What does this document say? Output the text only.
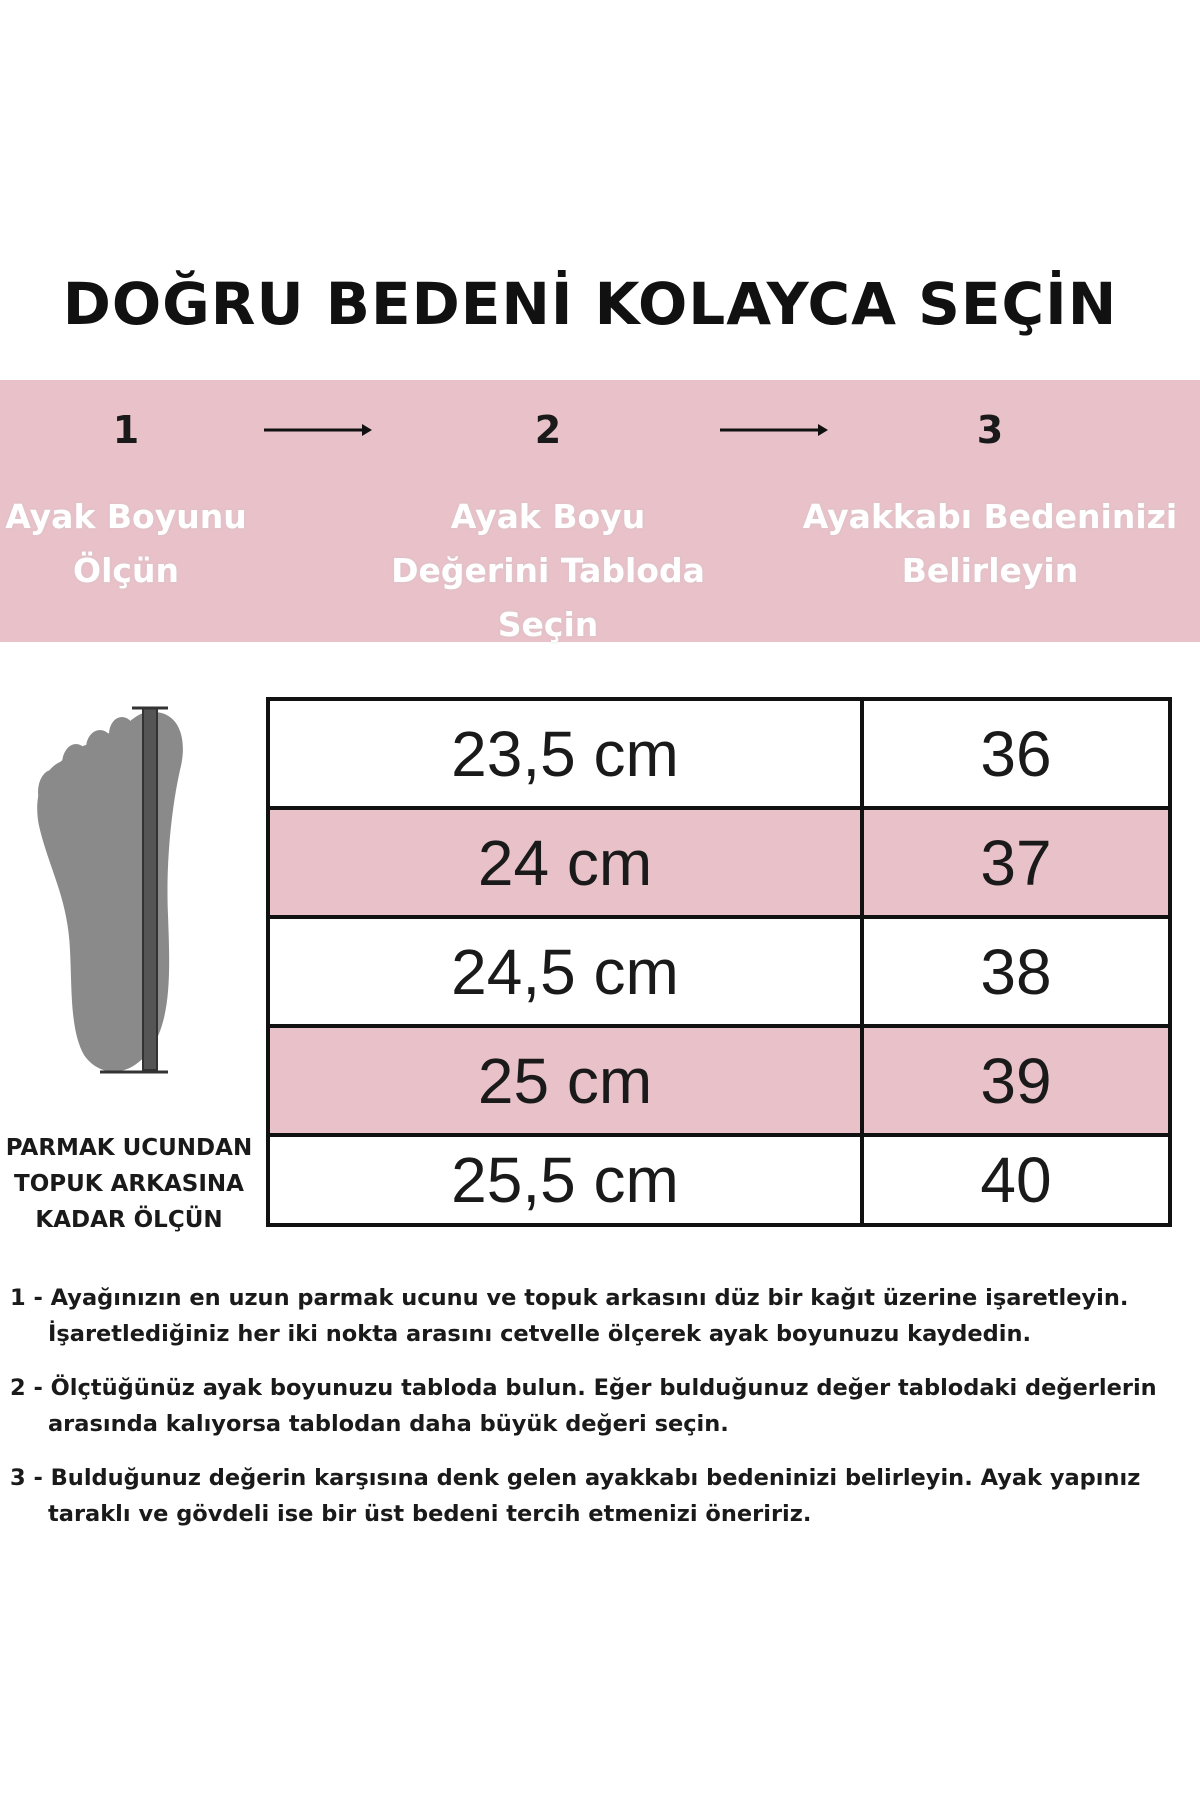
DOĞRU BEDENİ KOLAYCA SEÇİN
1
Ayak Boyunu
Ölçün
2
Ayak Boyu
Değerini Tabloda Seçin
3
Ayakkabı Bedeninizi
Belirleyin
PARMAK UCUNDAN
TOPUK ARKASINA
KADAR ÖLÇÜN
23,5 cm	36
24 cm	37
24,5 cm	38
25 cm	39
25,5 cm	40
1 - Ayağınızın en uzun parmak ucunu ve topuk arkasını düz bir kağıt üzerine işaretleyin.
İşaretlediğiniz her iki nokta arasını cetvelle ölçerek ayak boyunuzu kaydedin.
2 - Ölçtüğünüz ayak boyunuzu tabloda bulun. Eğer bulduğunuz değer tablodaki değerlerin
arasında kalıyorsa tablodan daha büyük değeri seçin.
3 - Bulduğunuz değerin karşısına denk gelen ayakkabı bedeninizi belirleyin. Ayak yapınız
taraklı ve gövdeli ise bir üst bedeni tercih etmenizi öneririz.
